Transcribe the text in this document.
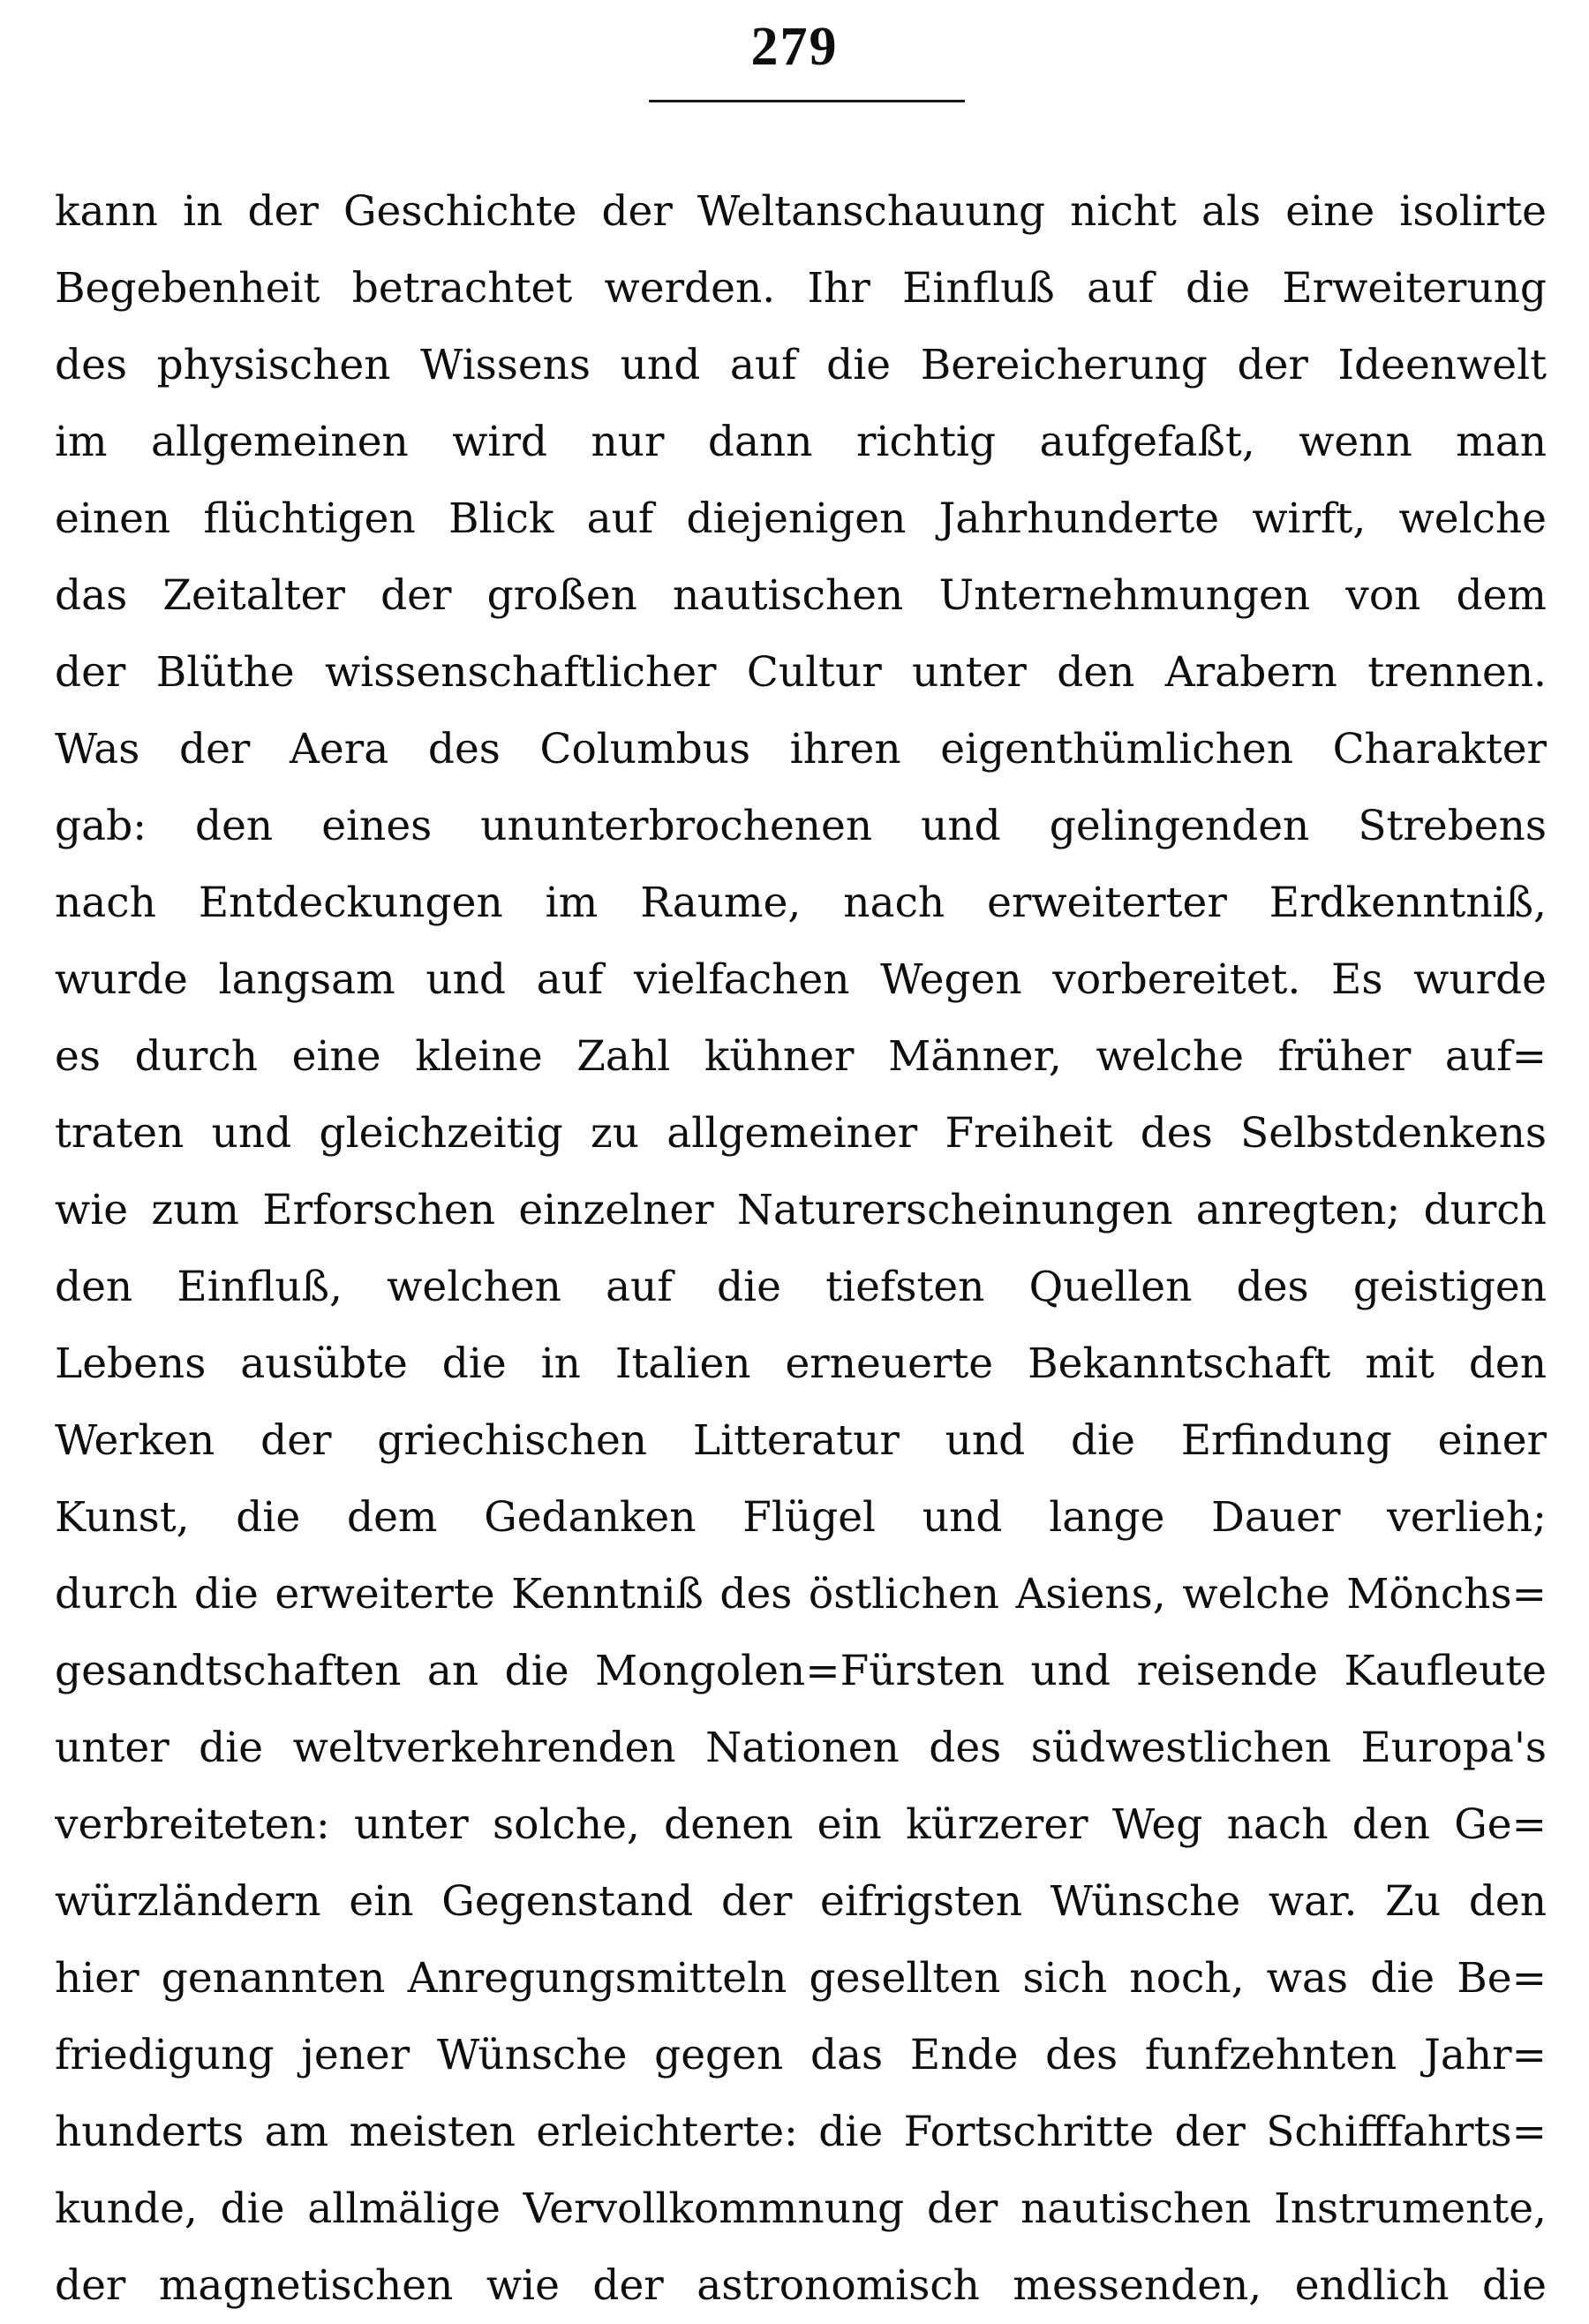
279
kann in der Geschichte der Weltanschauung nicht als eine isolirte
Begebenheit betrachtet werden. Ihr Einfluß auf die Erweiterung
des physischen Wissens und auf die Bereicherung der Ideenwelt
im allgemeinen wird nur dann richtig aufgefaßt, wenn man
einen flüchtigen Blick auf diejenigen Jahrhunderte wirft, welche
das Zeitalter der großen nautischen Unternehmungen von dem
der Blüthe wissenschaftlicher Cultur unter den Arabern trennen.
Was der Aera des Columbus ihren eigenthümlichen Charakter
gab: den eines ununterbrochenen und gelingenden Strebens
nach Entdeckungen im Raume, nach erweiterter Erdkenntniß,
wurde langsam und auf vielfachen Wegen vorbereitet. Es wurde
es durch eine kleine Zahl kühner Männer, welche früher auf=
traten und gleichzeitig zu allgemeiner Freiheit des Selbstdenkens
wie zum Erforschen einzelner Naturerscheinungen anregten; durch
den Einfluß, welchen auf die tiefsten Quellen des geistigen
Lebens ausübte die in Italien erneuerte Bekanntschaft mit den
Werken der griechischen Litteratur und die Erfindung einer
Kunst, die dem Gedanken Flügel und lange Dauer verlieh;
durch die erweiterte Kenntniß des östlichen Asiens, welche Mönchs=
gesandtschaften an die Mongolen=Fürsten und reisende Kaufleute
unter die weltverkehrenden Nationen des südwestlichen Europa's
verbreiteten: unter solche, denen ein kürzerer Weg nach den Ge=
würzländern ein Gegenstand der eifrigsten Wünsche war. Zu den
hier genannten Anregungsmitteln gesellten sich noch, was die Be=
friedigung jener Wünsche gegen das Ende des funfzehnten Jahr=
hunderts am meisten erleichterte: die Fortschritte der Schifffahrts=
kunde, die allmälige Vervollkommnung der nautischen Instrumente,
der magnetischen wie der astronomisch messenden, endlich die
